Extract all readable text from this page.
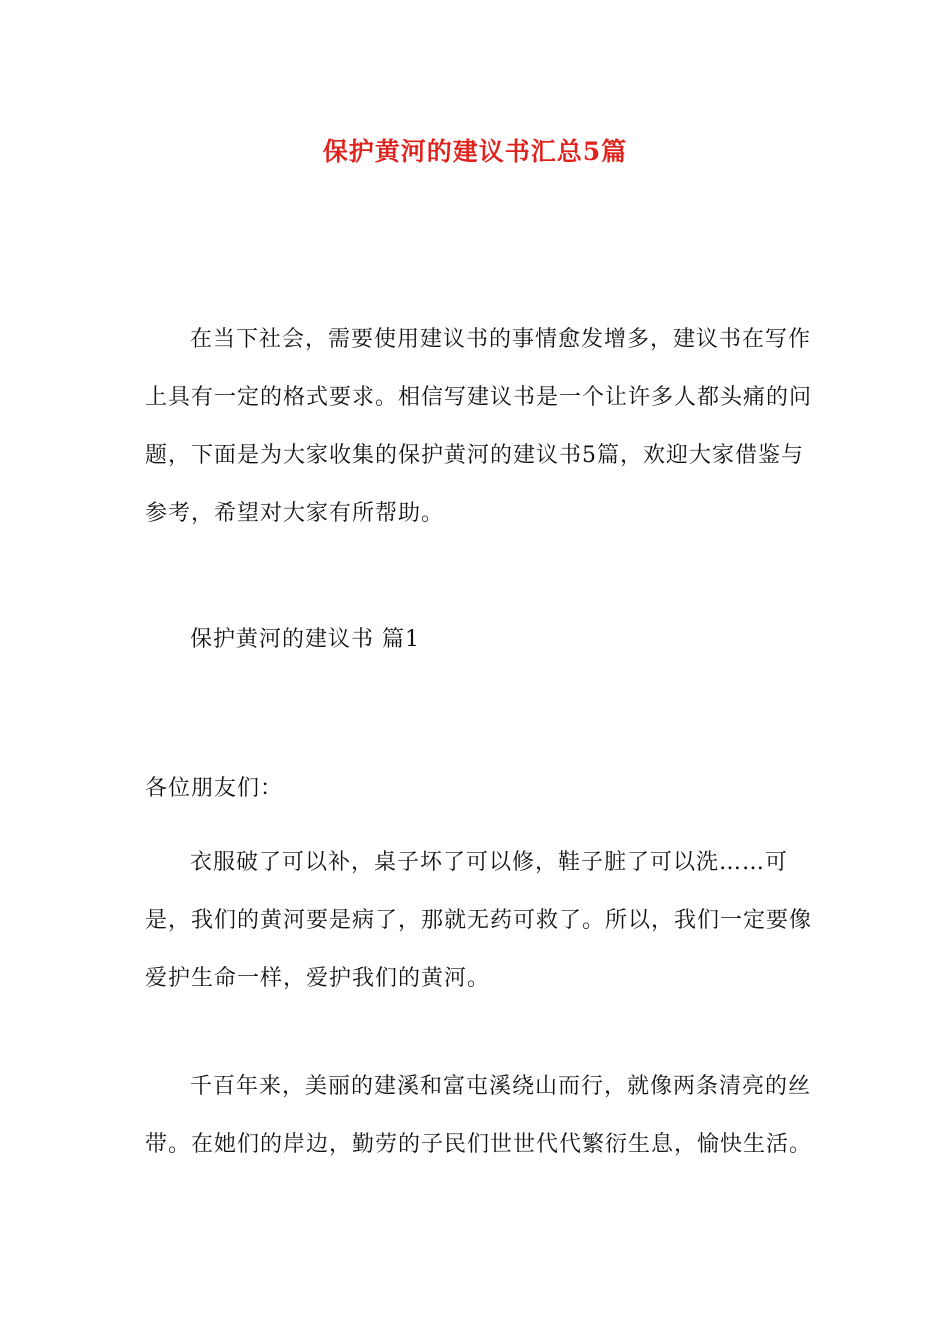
保护黄河的建议书汇总5篇

在当下社会，需要使用建议书的事情愈发增多，建议书在写作上具有一定的格式要求。相信写建议书是一个让许多人都头痛的问题，下面是为大家收集的保护黄河的建议书5篇，欢迎大家借鉴与参考，希望对大家有所帮助。

保护黄河的建议书 篇1

各位朋友们：

衣服破了可以补，桌子坏了可以修，鞋子脏了可以洗……可是，我们的黄河要是病了，那就无药可救了。所以，我们一定要像爱护生命一样，爱护我们的黄河。

千百年来，美丽的建溪和富屯溪绕山而行，就像两条清亮的丝带。在她们的岸边，勤劳的子民们世世代代繁衍生息，愉快生活。
